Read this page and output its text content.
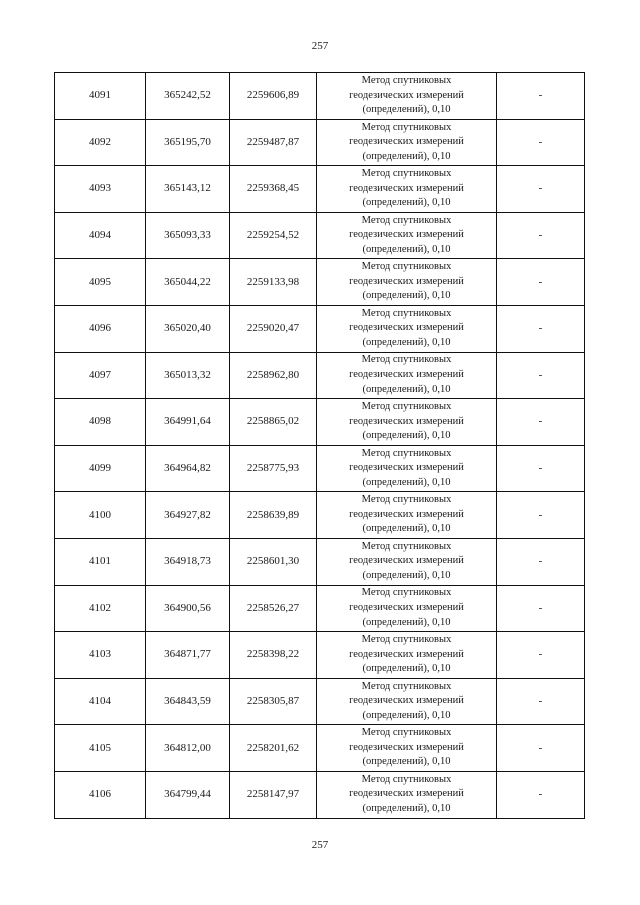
257
4091	365242,52	2259606,89	Метод спутниковых
геодезических измерений
(определений), 0,10	-
4092	365195,70	2259487,87	Метод спутниковых
геодезических измерений
(определений), 0,10	-
4093	365143,12	2259368,45	Метод спутниковых
геодезических измерений
(определений), 0,10	-
4094	365093,33	2259254,52	Метод спутниковых
геодезических измерений
(определений), 0,10	-
4095	365044,22	2259133,98	Метод спутниковых
геодезических измерений
(определений), 0,10	-
4096	365020,40	2259020,47	Метод спутниковых
геодезических измерений
(определений), 0,10	-
4097	365013,32	2258962,80	Метод спутниковых
геодезических измерений
(определений), 0,10	-
4098	364991,64	2258865,02	Метод спутниковых
геодезических измерений
(определений), 0,10	-
4099	364964,82	2258775,93	Метод спутниковых
геодезических измерений
(определений), 0,10	-
4100	364927,82	2258639,89	Метод спутниковых
геодезических измерений
(определений), 0,10	-
4101	364918,73	2258601,30	Метод спутниковых
геодезических измерений
(определений), 0,10	-
4102	364900,56	2258526,27	Метод спутниковых
геодезических измерений
(определений), 0,10	-
4103	364871,77	2258398,22	Метод спутниковых
геодезических измерений
(определений), 0,10	-
4104	364843,59	2258305,87	Метод спутниковых
геодезических измерений
(определений), 0,10	-
4105	364812,00	2258201,62	Метод спутниковых
геодезических измерений
(определений), 0,10	-
4106	364799,44	2258147,97	Метод спутниковых
геодезических измерений
(определений), 0,10	-
257
